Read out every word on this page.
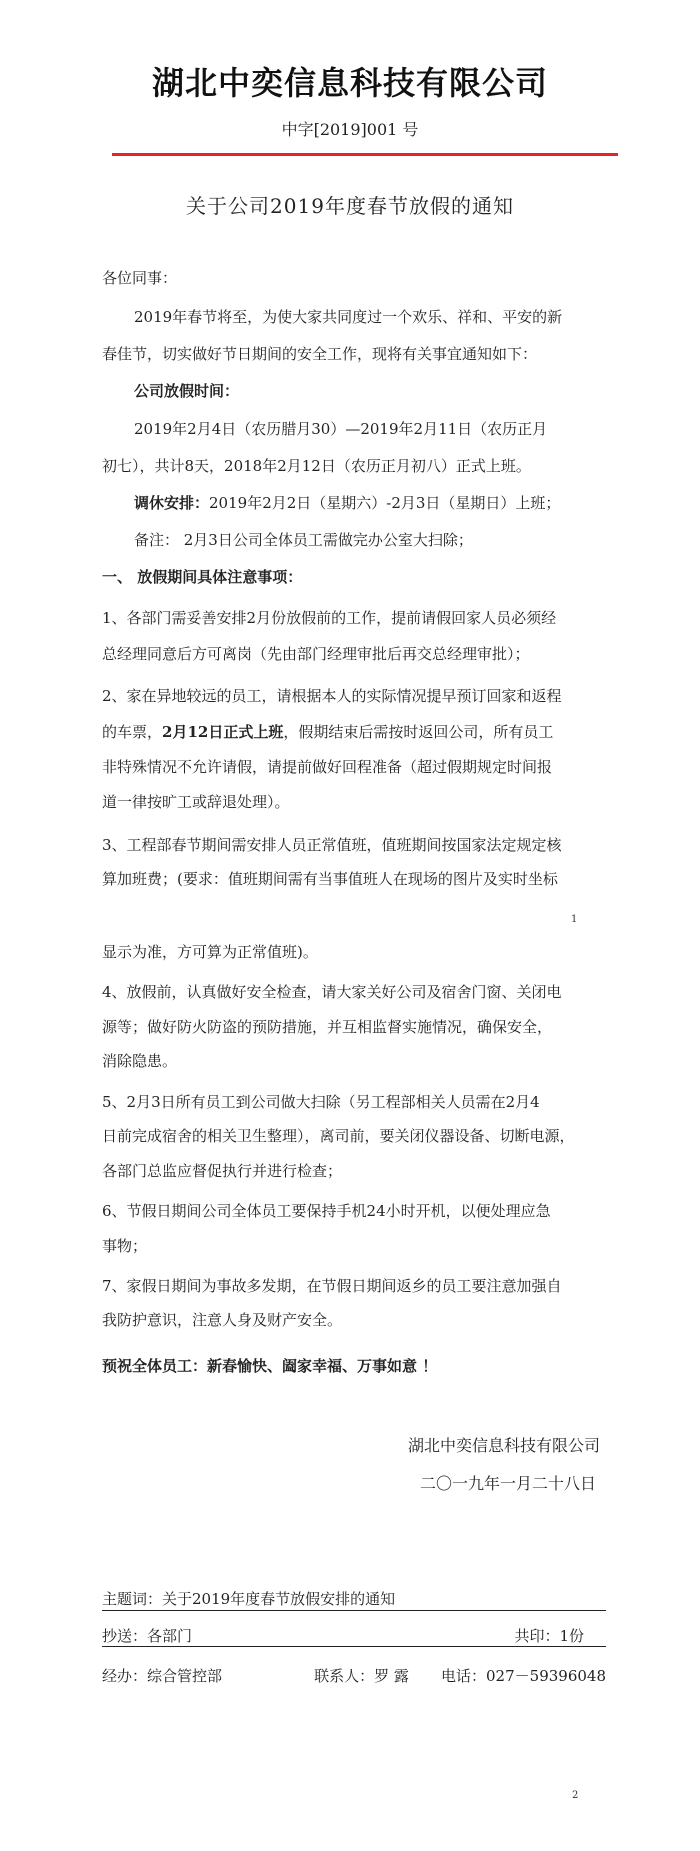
湖北中奕信息科技有限公司
中字[2019]001 号
关于公司2019年度春节放假的通知
各位同事：
2019年春节将至，为使大家共同度过一个欢乐、祥和、平安的新
春佳节，切实做好节日期间的安全工作，现将有关事宜通知如下：
公司放假时间：
2019年2月4日（农历腊月30）—2019年2月11日（农历正月
初七），共计8天，2018年2月12日（农历正月初八）正式上班。
调休安排：2019年2月2日（星期六）-2月3日（星期日）上班；
备注： 2月3日公司全体员工需做完办公室大扫除；
一、 放假期间具体注意事项：
1、各部门需妥善安排2月份放假前的工作，提前请假回家人员必须经
总经理同意后方可离岗（先由部门经理审批后再交总经理审批）；
2、家在异地较远的员工，请根据本人的实际情况提早预订回家和返程
的车票，2月12日正式上班，假期结束后需按时返回公司，所有员工
非特殊情况不允许请假，请提前做好回程准备（超过假期规定时间报
道一律按旷工或辞退处理）。
3、工程部春节期间需安排人员正常值班，值班期间按国家法定规定核
算加班费；(要求：值班期间需有当事值班人在现场的图片及实时坐标
1
显示为准，方可算为正常值班)。
4、放假前，认真做好安全检查，请大家关好公司及宿舍门窗、关闭电
源等；做好防火防盗的预防措施，并互相监督实施情况，确保安全，
消除隐患。
5、2月3日所有员工到公司做大扫除（另工程部相关人员需在2月4
日前完成宿舍的相关卫生整理），离司前，要关闭仪器设备、切断电源，
各部门总监应督促执行并进行检查；
6、节假日期间公司全体员工要保持手机24小时开机，以便处理应急
事物；
7、家假日期间为事故多发期，在节假日期间返乡的员工要注意加强自
我防护意识，注意人身及财产安全。
预祝全体员工：新春愉快、阖家幸福、万事如意 ！
湖北中奕信息科技有限公司
二〇一九年一月二十八日
主题词：关于2019年度春节放假安排的通知
抄送：各部门	共印：1份
经办：综合管控部	联系人：罗 露 电话：027－59396048
2
